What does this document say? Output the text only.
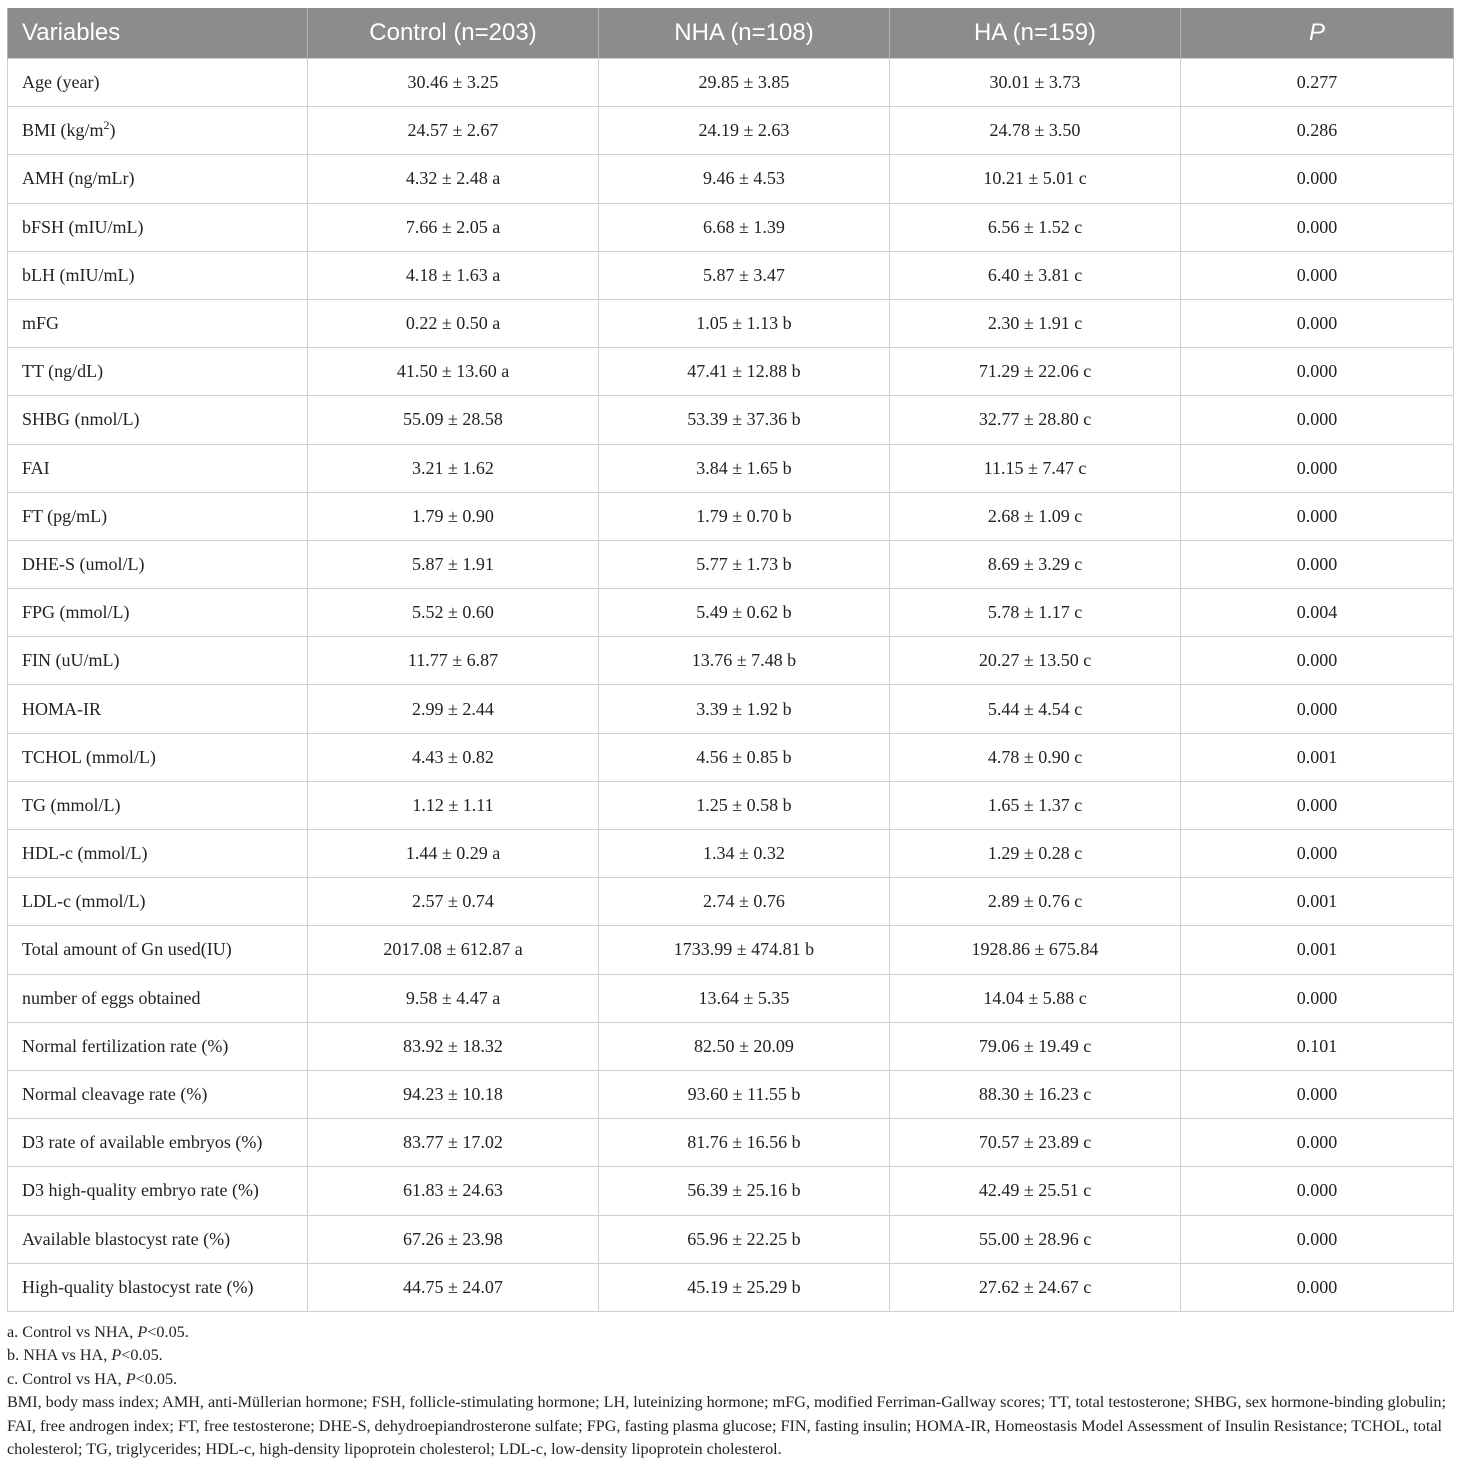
Variables	Control (n=203)	NHA (n=108)	HA (n=159)	P
Age (year)	30.46 ± 3.25	29.85 ± 3.85	30.01 ± 3.73	0.277
BMI $(kg/m^2)$	24.57 ± 2.67	24.19 ± 2.63	24.78 ± 3.50	0.286
AMH (ng/mLr)	4.32 ± 2.48 a	9.46 ± 4.53	10.21 ± 5.01 c	0.000
bFSH (mIU/mL)	7.66 ± 2.05 a	6.68 ± 1.39	6.56 ± 1.52 c	0.000
bLH (mIU/mL)	4.18 ± 1.63 a	5.87 ± 3.47	6.40 ± 3.81 c	0.000
mFG	0.22 ± 0.50 a	1.05 ± 1.13 b	2.30 ± 1.91 c	0.000
TT (ng/dL)	41.50 ± 13.60 a	47.41 ± 12.88 b	71.29 ± 22.06 c	0.000
SHBG (nmol/L)	55.09 ± 28.58	53.39 ± 37.36 b	32.77 ± 28.80 c	0.000
FAI	3.21 ± 1.62	3.84 ± 1.65 b	11.15 ± 7.47 c	0.000
FT (pg/mL)	1.79 ± 0.90	1.79 ± 0.70 b	2.68 ± 1.09 c	0.000
DHE-S (umol/L)	5.87 ± 1.91	5.77 ± 1.73 b	8.69 ± 3.29 c	0.000
FPG (mmol/L)	5.52 ± 0.60	5.49 ± 0.62 b	5.78 ± 1.17 c	0.004
FIN (uU/mL)	11.77 ± 6.87	13.76 ± 7.48 b	20.27 ± 13.50 c	0.000
HOMA-IR	2.99 ± 2.44	3.39 ± 1.92 b	5.44 ± 4.54 c	0.000
TCHOL (mmol/L)	4.43 ± 0.82	4.56 ± 0.85 b	4.78 ± 0.90 c	0.001
TG (mmol/L)	1.12 ± 1.11	1.25 ± 0.58 b	1.65 ± 1.37 c	0.000
HDL-c (mmol/L)	1.44 ± 0.29 a	1.34 ± 0.32	1.29 ± 0.28 c	0.000
LDL-c (mmol/L)	2.57 ± 0.74	2.74 ± 0.76	2.89 ± 0.76 c	0.001
Total amount of Gn used(IU)	2017.08 ± 612.87 a	1733.99 ± 474.81 b	1928.86 ± 675.84	0.001
number of eggs obtained	9.58 ± 4.47 a	13.64 ± 5.35	14.04 ± 5.88 c	0.000
Normal fertilization rate (%)	83.92 ± 18.32	82.50 ± 20.09	79.06 ± 19.49 c	0.101
Normal cleavage rate (%)	94.23 ± 10.18	93.60 ± 11.55 b	88.30 ± 16.23 c	0.000
D3 rate of available embryos (%)	83.77 ± 17.02	81.76 ± 16.56 b	70.57 ± 23.89 c	0.000
D3 high-quality embryo rate (%)	61.83 ± 24.63	56.39 ± 25.16 b	42.49 ± 25.51 c	0.000
Available blastocyst rate (%)	67.26 ± 23.98	65.96 ± 22.25 b	55.00 ± 28.96 c	0.000
High-quality blastocyst rate (%)	44.75 ± 24.07	45.19 ± 25.29 b	27.62 ± 24.67 c	0.000
a. Control vs NHA, P<0.05.
b. NHA vs HA, P<0.05.
c. Control vs HA, P<0.05.
BMI, body mass index; AMH, anti-Müllerian hormone; FSH, follicle-stimulating hormone; LH, luteinizing hormone; mFG, modified Ferriman-Gallway scores; TT, total testosterone; SHBG, sex hormone-binding globulin; FAI, free androgen index; FT, free testosterone; DHE-S, dehydroepiandrosterone sulfate; FPG, fasting plasma glucose; FIN, fasting insulin; HOMA-IR, Homeostasis Model Assessment of Insulin Resistance; TCHOL, total cholesterol; TG, triglycerides; HDL-c, high-density lipoprotein cholesterol; LDL-c, low-density lipoprotein cholesterol.
